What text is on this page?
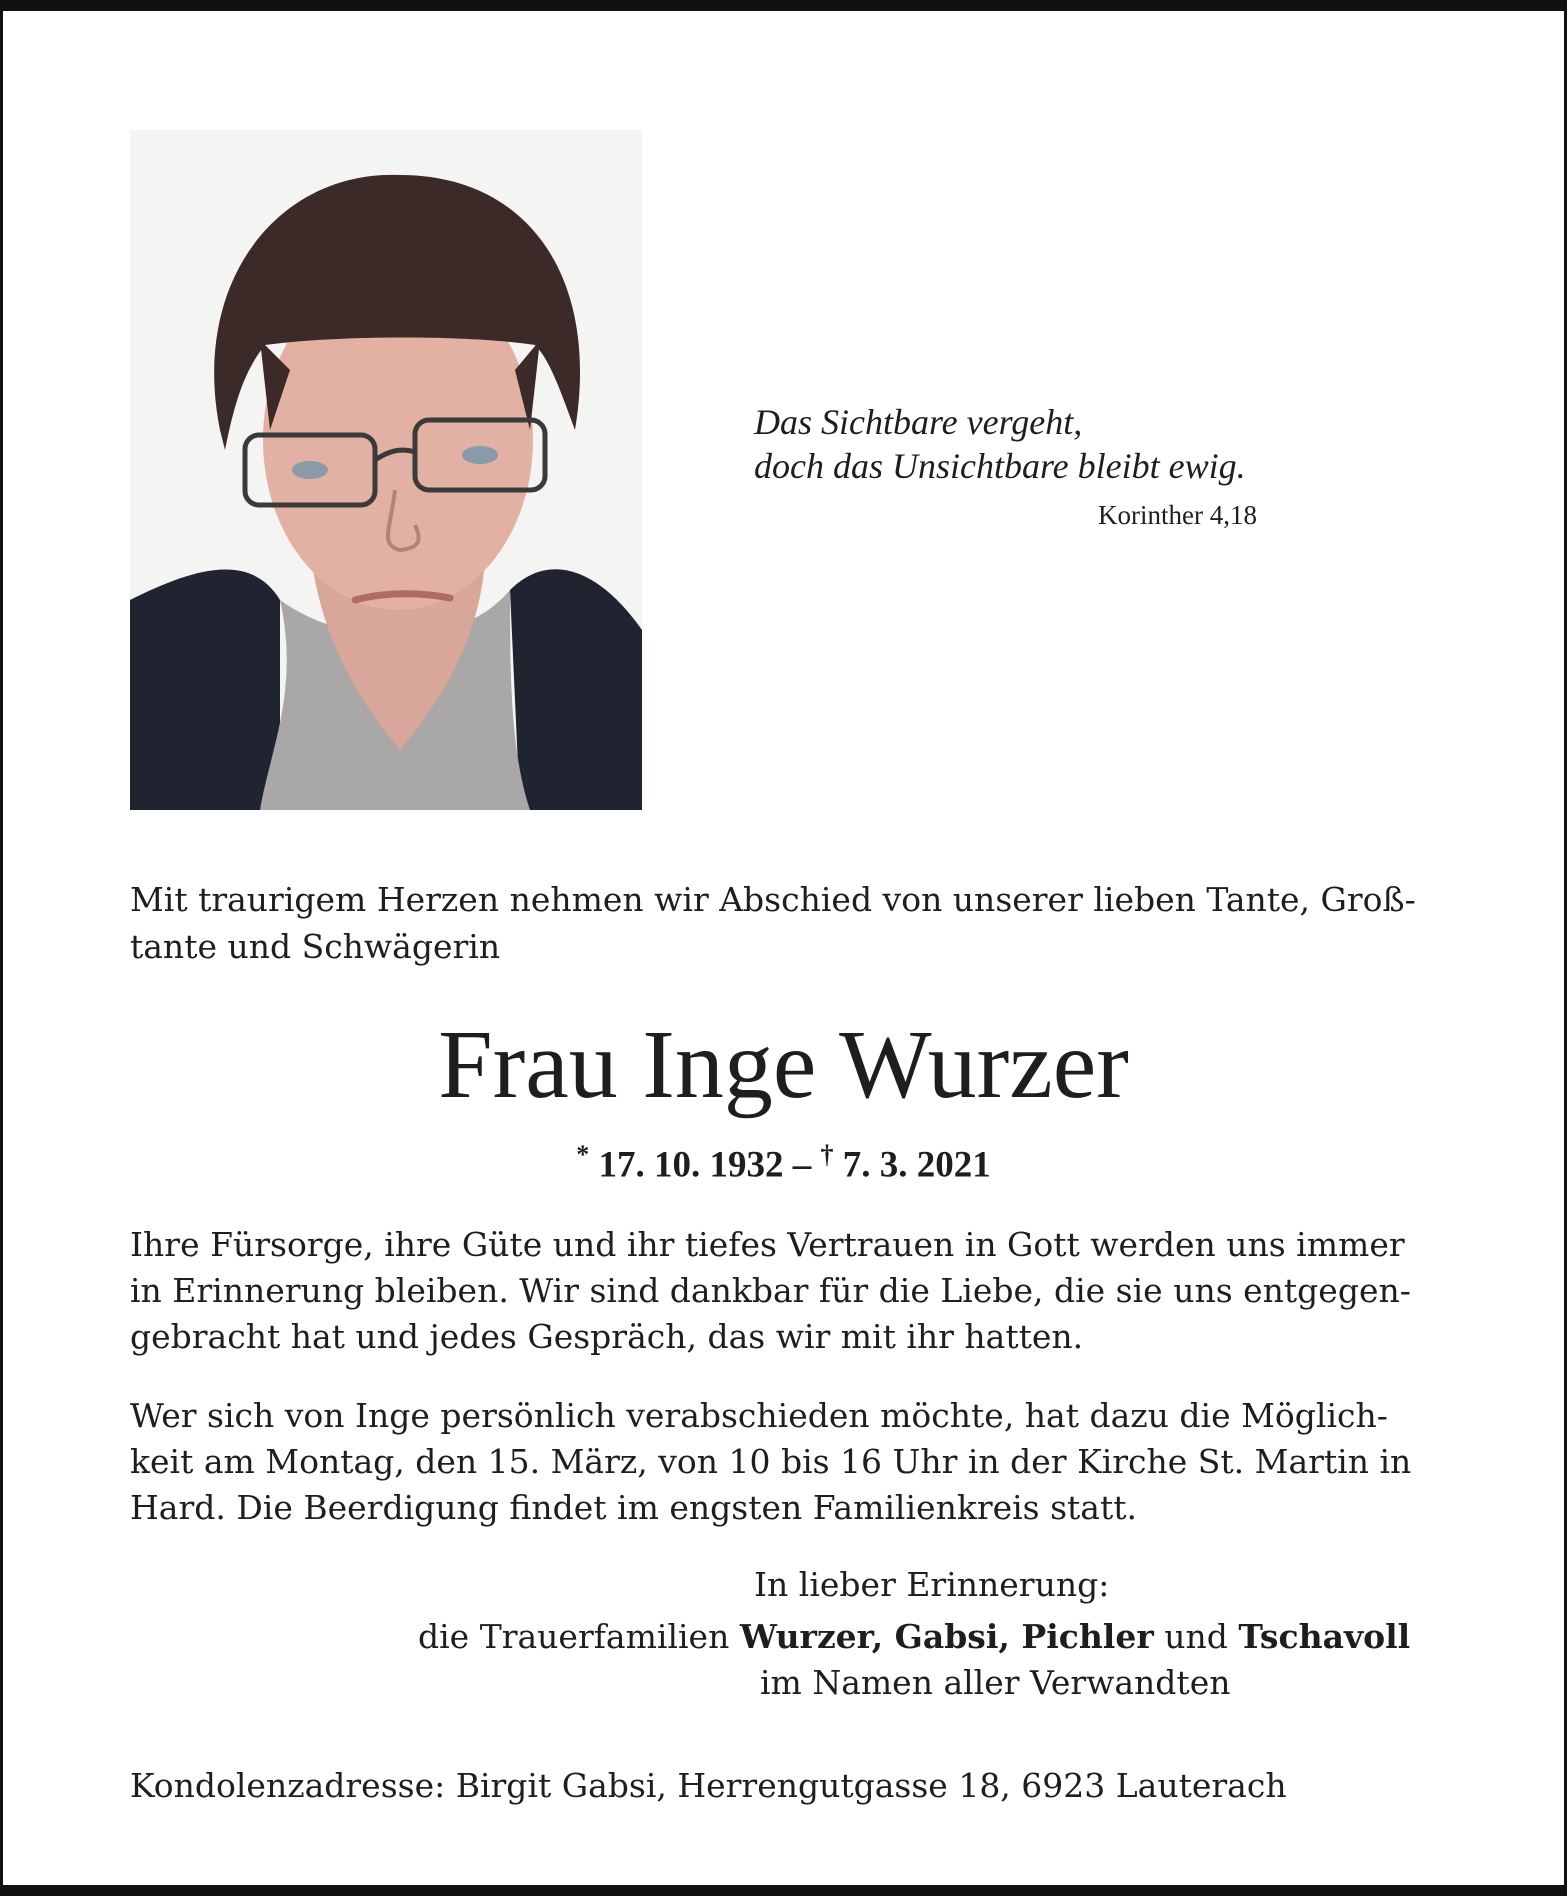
Das Sichtbare vergeht,
doch das Unsichtbare bleibt ewig.
Korinther 4,18
Mit traurigem Herzen nehmen wir Abschied von unserer lieben Tante, Groß-
tante und Schwägerin
Frau Inge Wurzer
* 17. 10. 1932 – † 7. 3. 2021
Ihre Fürsorge, ihre Güte und ihr tiefes Vertrauen in Gott werden uns immer
in Erinnerung bleiben. Wir sind dankbar für die Liebe, die sie uns entgegen-
gebracht hat und jedes Gespräch, das wir mit ihr hatten.
Wer sich von Inge persönlich verabschieden möchte, hat dazu die Möglich-
keit am Montag, den 15. März, von 10 bis 16 Uhr in der Kirche St. Martin in
Hard. Die Beerdigung findet im engsten Familienkreis statt.
In lieber Erinnerung:
die Trauerfamilien Wurzer, Gabsi, Pichler und Tschavoll
im Namen aller Verwandten
Kondolenzadresse: Birgit Gabsi, Herrengutgasse 18, 6923 Lauterach
